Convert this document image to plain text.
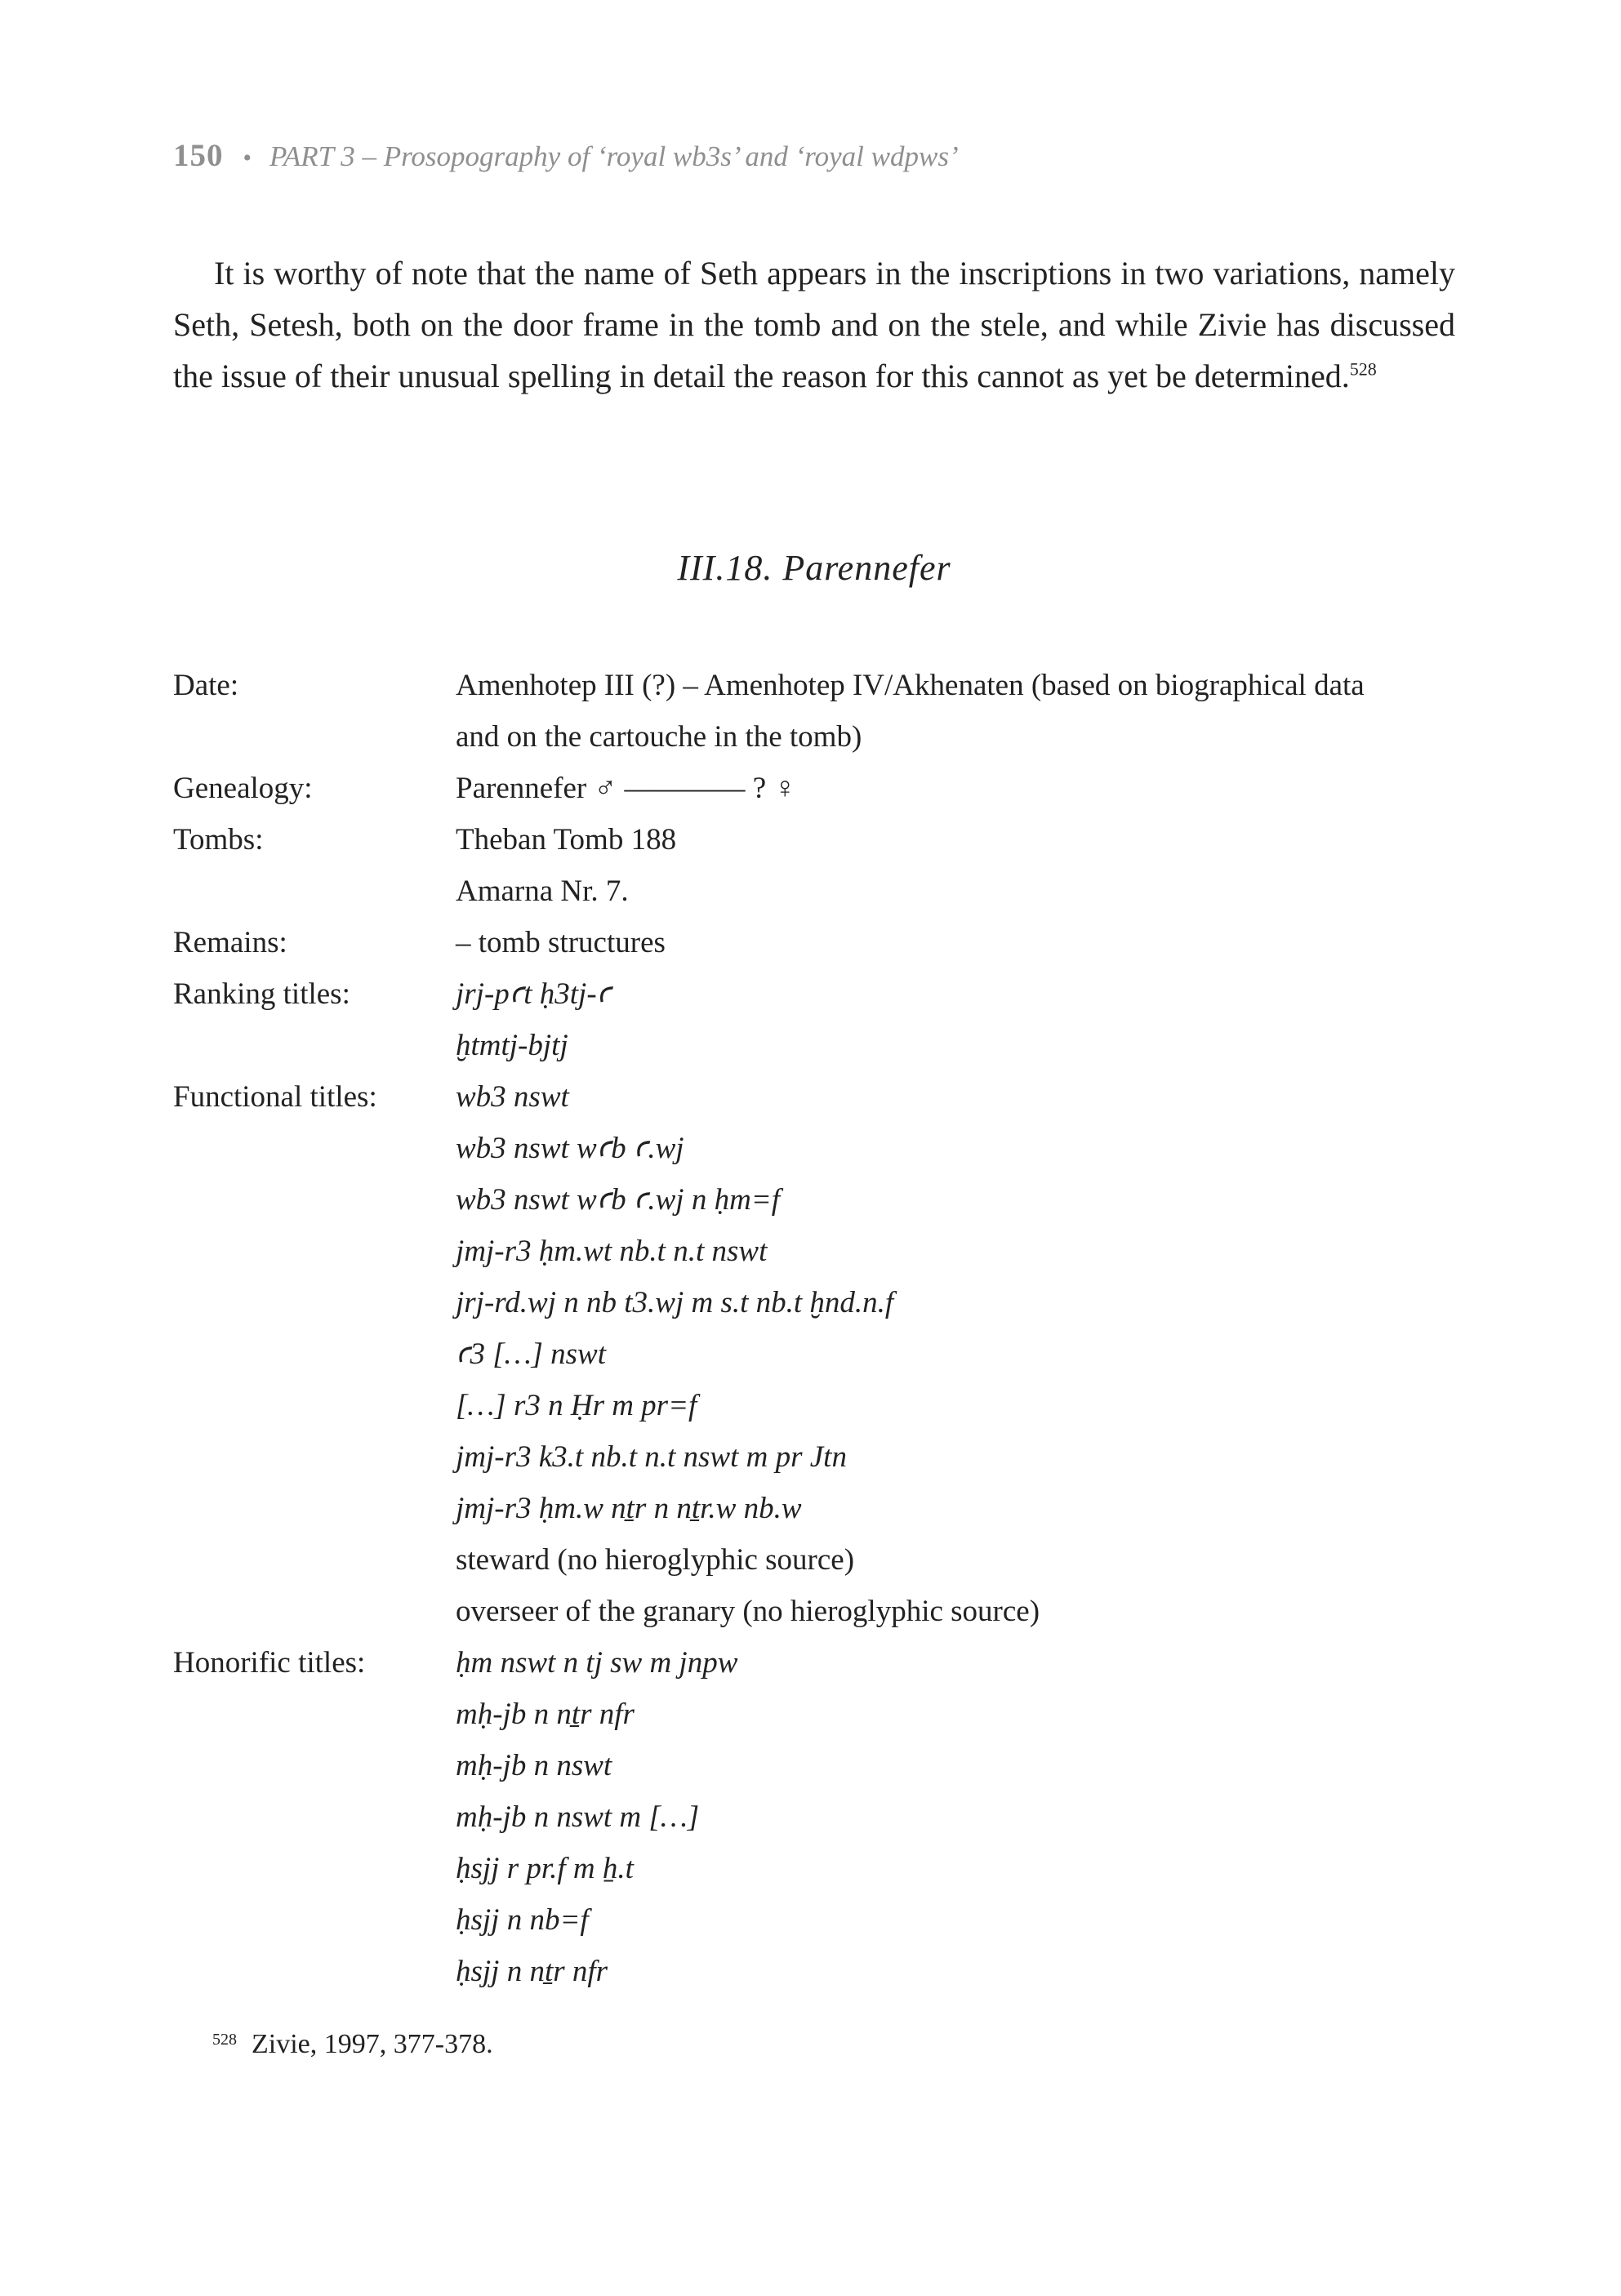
150 • PART 3 – Prosopography of ‘royal wb3s’ and ‘royal wdpws’

It is worthy of note that the name of Seth appears in the inscriptions in two variations, namely Seth, Setesh, both on the door frame in the tomb and on the stele, and while Zivie has discussed the issue of their unusual spelling in detail the reason for this cannot as yet be determined.$^{528}$

III.18. Parennefer
Date:	Amenhotep III (?) – Amenhotep IV/Akhenaten (based on biographical data
and on the cartouche in the tomb)
Genealogy:	Parennefer ♂ ———— ? ♀
Tombs:	Theban Tomb 188
Amarna Nr. 7.
Remains:	– tomb structures
Ranking titles:	jrj-pꜥt ḥ3tj-ꜥ
ḫtmtj-bjtj
Functional titles:	wb3 nswt
wb3 nswt wꜥb ꜥ.wj
wb3 nswt wꜥb ꜥ.wj n ḥm=f
jmj-r3 ḥm.wt nb.t n.t nswt
jrj-rd.wj n nb t3.wj m s.t nb.t ḫnd.n.f
ꜥ3 […] nswt
[…] r3 n Ḥr m pr=f
jmj-r3 k3.t nb.t n.t nswt m pr Jtn
jmj-r3 ḥm.w nṯr n nṯr.w nb.w
steward (no hieroglyphic source)
overseer of the granary (no hieroglyphic source)
Honorific titles:	ḥm nswt n tj sw m jnpw
mḥ-jb n nṯr nfr
mḥ-jb n nswt
mḥ-jb n nswt m […]
ḥsjj r pr.f m ẖ.t
ḥsjj n nb=f
ḥsjj n nṯr nfr
528 Zivie, 1997, 377-378.
